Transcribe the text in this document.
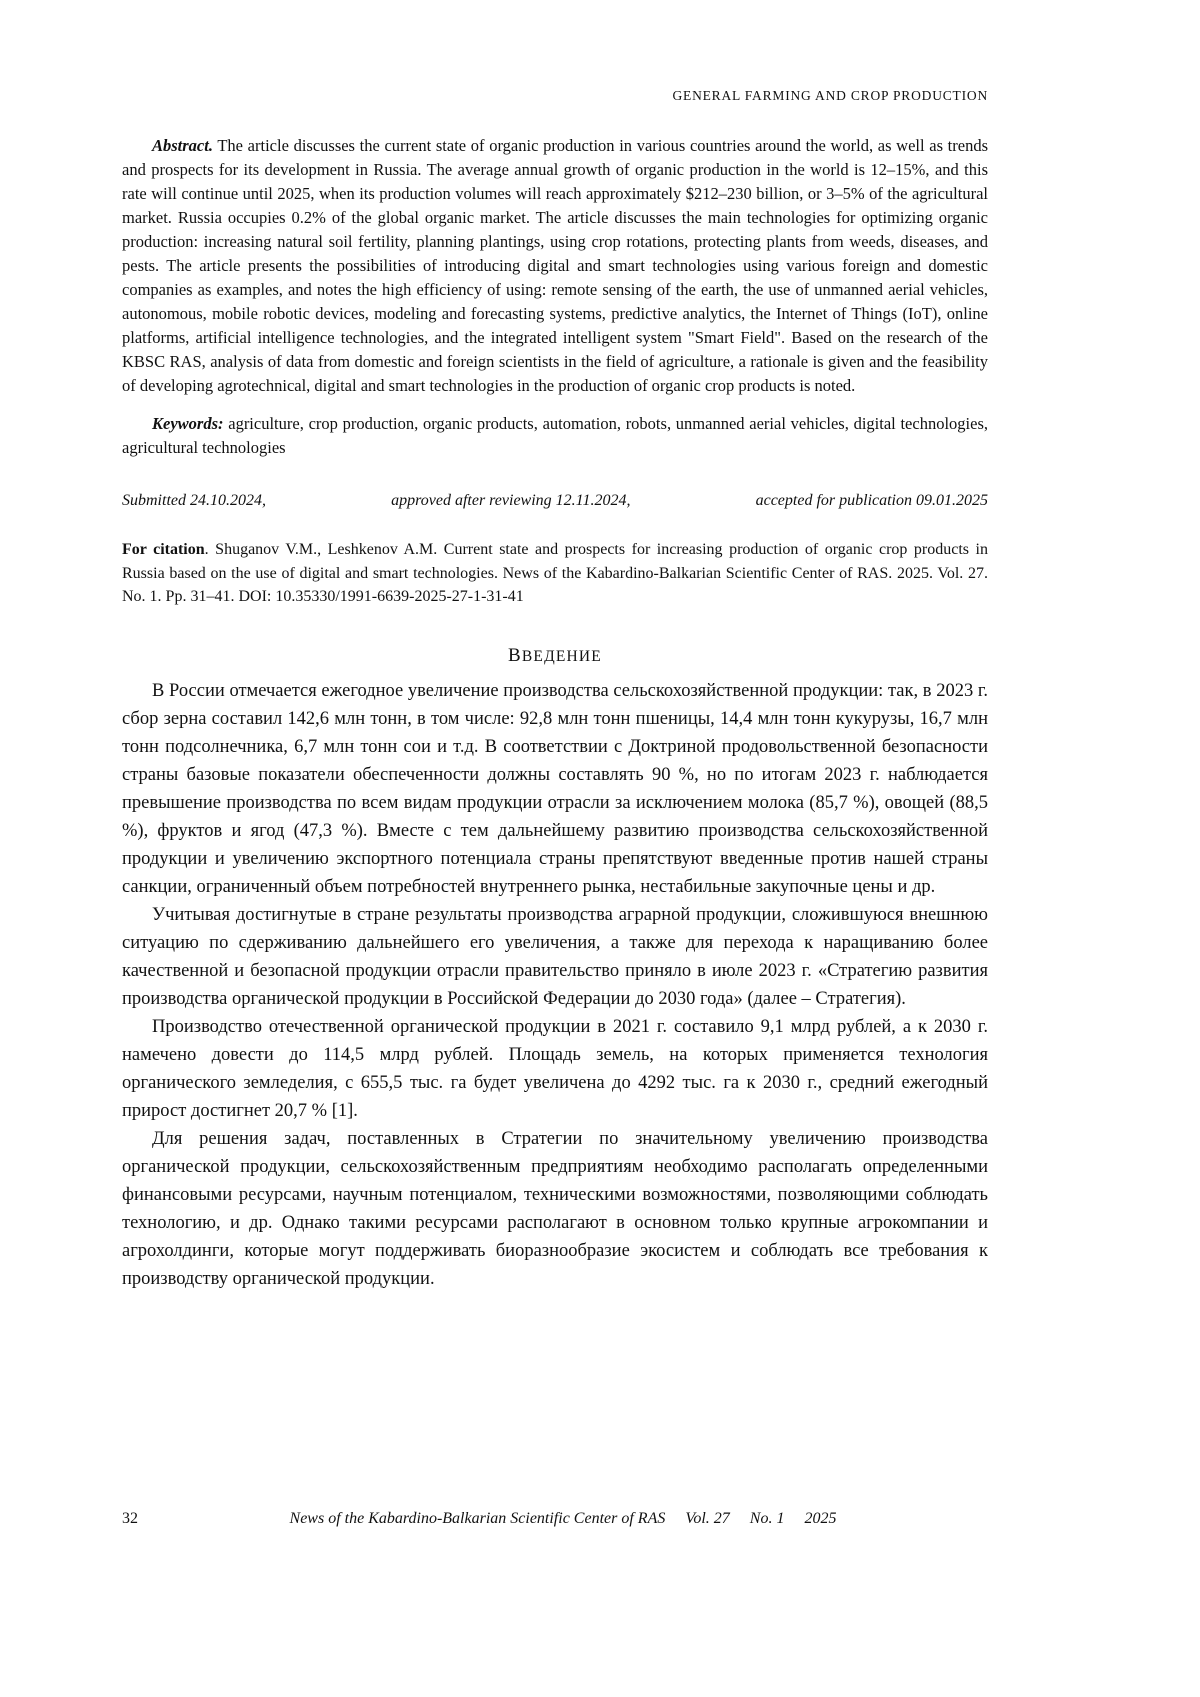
GENERAL FARMING AND CROP PRODUCTION

Abstract. The article discusses the current state of organic production in various countries around the world, as well as trends and prospects for its development in Russia. The average annual growth of organic production in the world is 12–15%, and this rate will continue until 2025, when its production volumes will reach approximately $212–230 billion, or 3–5% of the agricultural market. Russia occupies 0.2% of the global organic market. The article discusses the main technologies for optimizing organic production: increasing natural soil fertility, planning plantings, using crop rotations, protecting plants from weeds, diseases, and pests. The article presents the possibilities of introducing digital and smart technologies using various foreign and domestic companies as examples, and notes the high efficiency of using: remote sensing of the earth, the use of unmanned aerial vehicles, autonomous, mobile robotic devices, modeling and forecasting systems, predictive analytics, the Internet of Things (IoT), online platforms, artificial intelligence technologies, and the integrated intelligent system "Smart Field". Based on the research of the KBSC RAS, analysis of data from domestic and foreign scientists in the field of agriculture, a rationale is given and the feasibility of developing agrotechnical, digital and smart technologies in the production of organic crop products is noted.

Keywords: agriculture, crop production, organic products, automation, robots, unmanned aerial vehicles, digital technologies, agricultural technologies

Submitted 24.10.2024,	approved after reviewing 12.11.2024,	accepted for publication 09.01.2025

For citation. Shuganov V.M., Leshkenov A.M. Current state and prospects for increasing production of organic crop products in Russia based on the use of digital and smart technologies. News of the Kabardino-Balkarian Scientific Center of RAS. 2025. Vol. 27. No. 1. Pp. 31–41. DOI: 10.35330/1991-6639-2025-27-1-31-41

ВВЕДЕНИЕ

В России отмечается ежегодное увеличение производства сельскохозяйственной продукции: так, в 2023 г. сбор зерна составил 142,6 млн тонн, в том числе: 92,8 млн тонн пшеницы, 14,4 млн тонн кукурузы, 16,7 млн тонн подсолнечника, 6,7 млн тонн сои и т.д. В соответствии с Доктриной продовольственной безопасности страны базовые показатели обеспеченности должны составлять 90 %, но по итогам 2023 г. наблюдается превышение производства по всем видам продукции отрасли за исключением молока (85,7 %), овощей (88,5 %), фруктов и ягод (47,3 %). Вместе с тем дальнейшему развитию производства сельскохозяйственной продукции и увеличению экспортного потенциала страны препятствуют введенные против нашей страны санкции, ограниченный объем потребностей внутреннего рынка, нестабильные закупочные цены и др.

Учитывая достигнутые в стране результаты производства аграрной продукции, сложившуюся внешнюю ситуацию по сдерживанию дальнейшего его увеличения, а также для перехода к наращиванию более качественной и безопасной продукции отрасли правительство приняло в июле 2023 г. «Стратегию развития производства органической продукции в Российской Федерации до 2030 года» (далее – Стратегия).

Производство отечественной органической продукции в 2021 г. составило 9,1 млрд рублей, а к 2030 г. намечено довести до 114,5 млрд рублей. Площадь земель, на которых применяется технология органического земледелия, с 655,5 тыс. га будет увеличена до 4292 тыс. га к 2030 г., средний ежегодный прирост достигнет 20,7 % [1].

Для решения задач, поставленных в Стратегии по значительному увеличению производства органической продукции, сельскохозяйственным предприятиям необходимо располагать определенными финансовыми ресурсами, научным потенциалом, техническими возможностями, позволяющими соблюдать технологию, и др. Однако такими ресурсами располагают в основном только крупные агрокомпании и агрохолдинги, которые могут поддерживать биоразнообразие экосистем и соблюдать все требования к производству органической продукции.

32	News of the Kabardino-Balkarian Scientific Center of RAS Vol. 27 No. 1 2025
